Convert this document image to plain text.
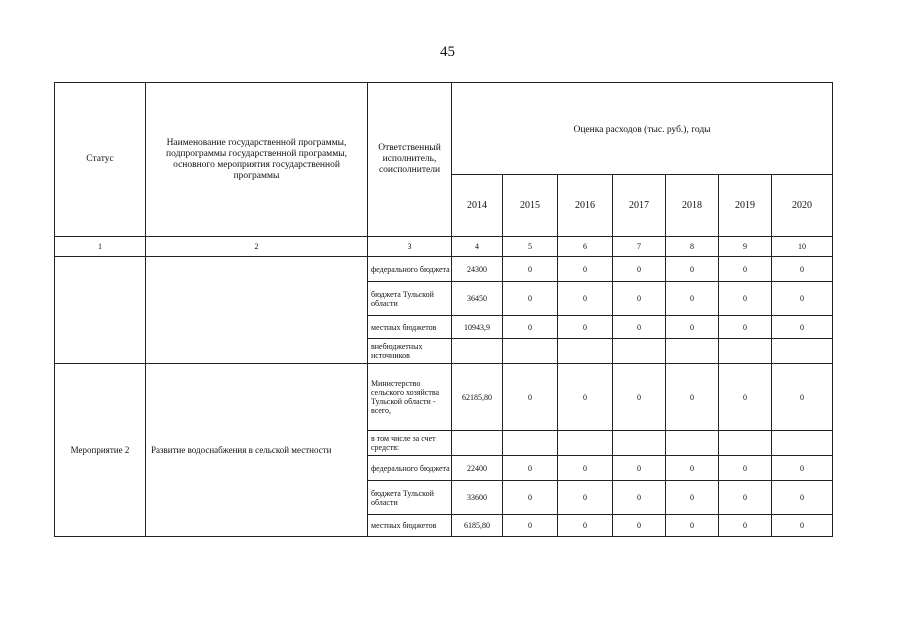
45
Статус	Наименование государственной программы, подпрограммы государственной программы, основного мероприятия государственной программы	Ответственный исполнитель, соисполнители	Оценка расходов (тыс. руб.), годы						
			2014	2015	2016	2017	2018	2019	2020
1	2	3	4	5	6	7	8	9	10
		федерального бюджета	24300	0	0	0	0	0	0
		бюджета Тульской области	36450	0	0	0	0	0	0
		местных бюджетов	10943,9	0	0	0	0	0	0
		внебюджетных источников							
Мероприятие 2	Развитие водоснабжения в сельской местности	Министерство сельского хозяйства Тульской области - всего,	62185,80	0	0	0	0	0	0
		в том числе за счет средств:							
		федерального бюджета	22400	0	0	0	0	0	0
		бюджета Тульской области	33600	0	0	0	0	0	0
		местных бюджетов	6185,80	0	0	0	0	0	0
